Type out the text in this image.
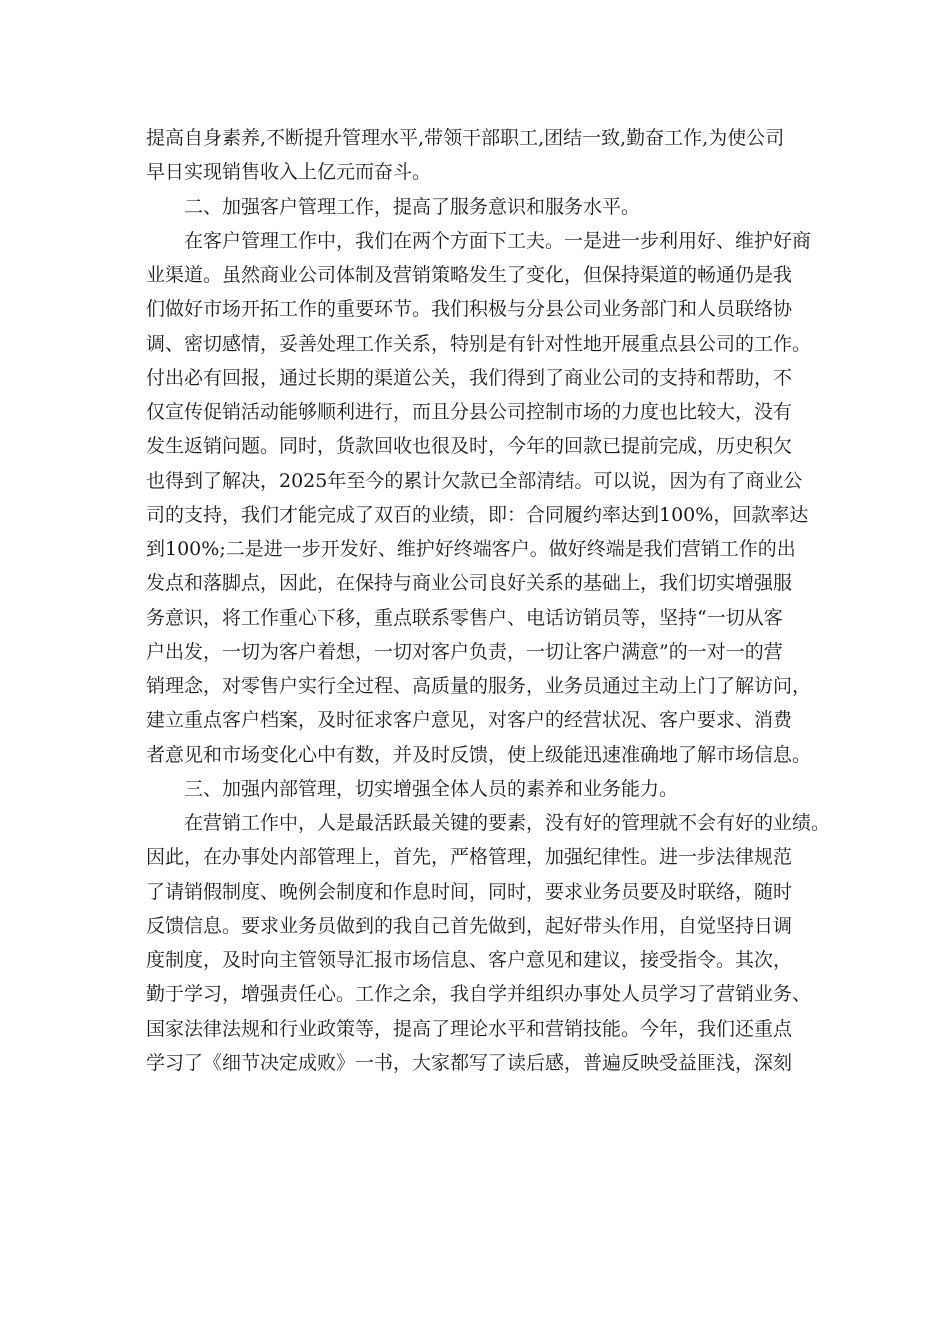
提高自身素养,不断提升管理水平,带领干部职工,团结一致,勤奋工作,为使公司
早日实现销售收入上亿元而奋斗。
　　二、加强客户管理工作，提高了服务意识和服务水平。
　　在客户管理工作中，我们在两个方面下工夫。一是进一步利用好、维护好商
业渠道。虽然商业公司体制及营销策略发生了变化，但保持渠道的畅通仍是我
们做好市场开拓工作的重要环节。我们积极与分县公司业务部门和人员联络协
调、密切感情，妥善处理工作关系，特别是有针对性地开展重点县公司的工作。
付出必有回报，通过长期的渠道公关，我们得到了商业公司的支持和帮助，不
仅宣传促销活动能够顺利进行，而且分县公司控制市场的力度也比较大，没有
发生返销问题。同时，货款回收也很及时，今年的回款已提前完成，历史积欠
也得到了解决，2025年至今的累计欠款已全部清结。可以说，因为有了商业公
司的支持，我们才能完成了双百的业绩，即：合同履约率达到100%，回款率达
到100%;二是进一步开发好、维护好终端客户。做好终端是我们营销工作的出
发点和落脚点，因此，在保持与商业公司良好关系的基础上，我们切实增强服
务意识，将工作重心下移，重点联系零售户、电话访销员等，坚持“一切从客
户出发，一切为客户着想，一切对客户负责，一切让客户满意”的一对一的营
销理念，对零售户实行全过程、高质量的服务，业务员通过主动上门了解访问，
建立重点客户档案，及时征求客户意见，对客户的经营状况、客户要求、消费
者意见和市场变化心中有数，并及时反馈，使上级能迅速准确地了解市场信息。
　　三、加强内部管理，切实增强全体人员的素养和业务能力。
　　在营销工作中，人是最活跃最关键的要素，没有好的管理就不会有好的业绩。
因此，在办事处内部管理上，首先，严格管理，加强纪律性。进一步法律规范
了请销假制度、晚例会制度和作息时间，同时，要求业务员要及时联络，随时
反馈信息。要求业务员做到的我自己首先做到，起好带头作用，自觉坚持日调
度制度，及时向主管领导汇报市场信息、客户意见和建议，接受指令。其次，
勤于学习，增强责任心。工作之余，我自学并组织办事处人员学习了营销业务、
国家法律法规和行业政策等，提高了理论水平和营销技能。今年，我们还重点
学习了《细节决定成败》一书，大家都写了读后感，普遍反映受益匪浅，深刻
